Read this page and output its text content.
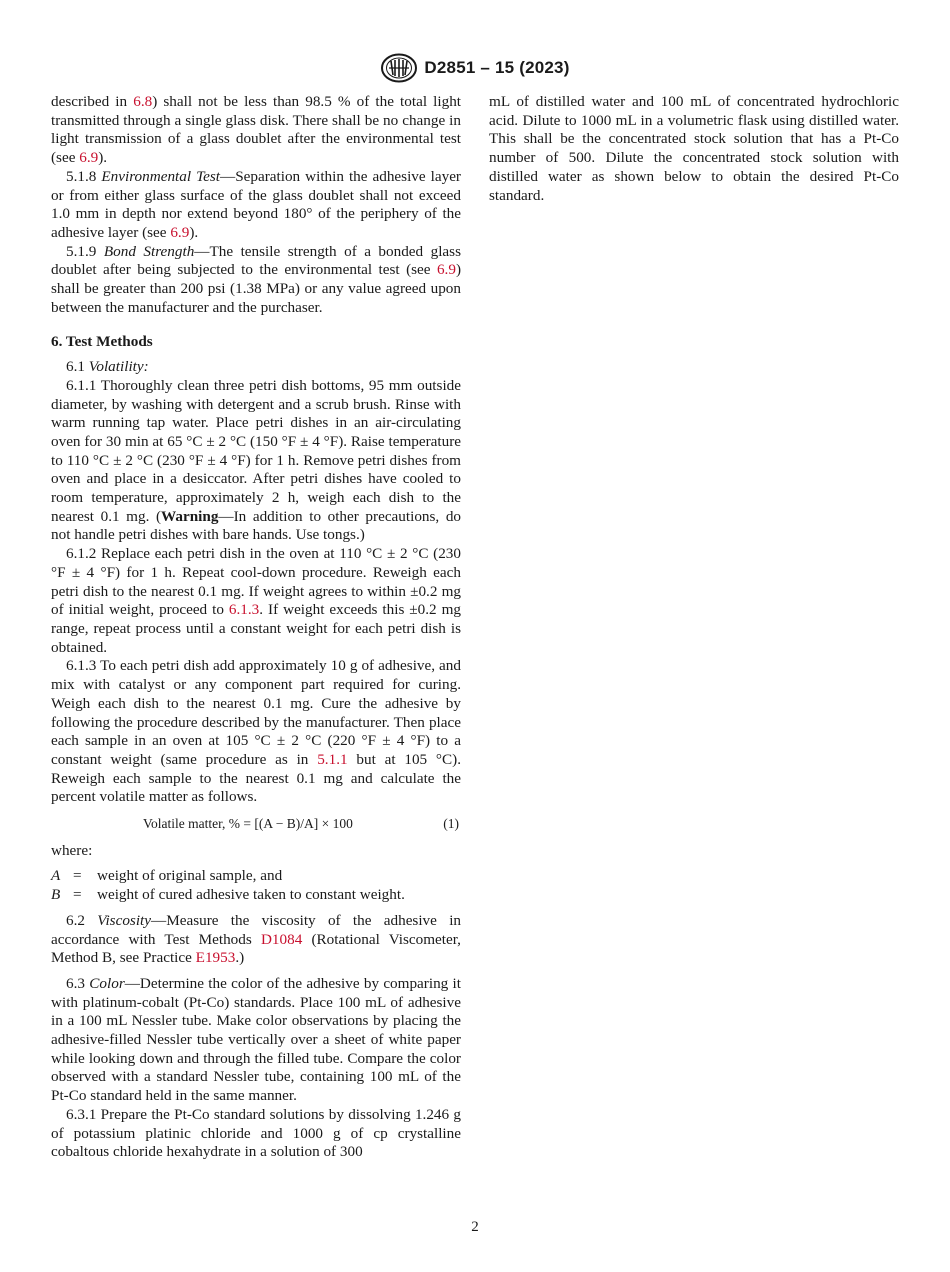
D2851 – 15 (2023)

described in 6.8) shall not be less than 98.5 % of the total light transmitted through a single glass disk. There shall be no change in light transmission of a glass doublet after the environmental test (see 6.9).

5.1.8 Environmental Test—Separation within the adhesive layer or from either glass surface of the glass doublet shall not exceed 1.0 mm in depth nor extend beyond 180° of the periphery of the adhesive layer (see 6.9).

5.1.9 Bond Strength—The tensile strength of a bonded glass doublet after being subjected to the environmental test (see 6.9) shall be greater than 200 psi (1.38 MPa) or any value agreed upon between the manufacturer and the purchaser.

6. Test Methods

6.1 Volatility:

6.1.1 Thoroughly clean three petri dish bottoms, 95 mm outside diameter, by washing with detergent and a scrub brush. Rinse with warm running tap water. Place petri dishes in an air-circulating oven for 30 min at 65 °C ± 2 °C (150 °F ± 4 °F). Raise temperature to 110 °C ± 2 °C (230 °F ± 4 °F) for 1 h. Remove petri dishes from oven and place in a desiccator. After petri dishes have cooled to room temperature, approximately 2 h, weigh each dish to the nearest 0.1 mg. (Warning—In addition to other precautions, do not handle petri dishes with bare hands. Use tongs.)

6.1.2 Replace each petri dish in the oven at 110 °C ± 2 °C (230 °F ± 4 °F) for 1 h. Repeat cool-down procedure. Reweigh each petri dish to the nearest 0.1 mg. If weight agrees to within ±0.2 mg of initial weight, proceed to 6.1.3. If weight exceeds this ±0.2 mg range, repeat process until a constant weight for each petri dish is obtained.

6.1.3 To each petri dish add approximately 10 g of adhesive, and mix with catalyst or any component part required for curing. Weigh each dish to the nearest 0.1 mg. Cure the adhesive by following the procedure described by the manufacturer. Then place each sample in an oven at 105 °C ± 2 °C (220 °F ± 4 °F) to a constant weight (same procedure as in 5.1.1 but at 105 °C). Reweigh each sample to the nearest 0.1 mg and calculate the percent volatile matter as follows.

Volatile matter, % = [(A − B)/A] × 100	(1)

where:

A =	weight of original sample, and
B =	weight of cured adhesive taken to constant weight.

6.2 Viscosity—Measure the viscosity of the adhesive in accordance with Test Methods D1084 (Rotational Viscometer, Method B, see Practice E1953.)

6.3 Color—Determine the color of the adhesive by comparing it with platinum-cobalt (Pt-Co) standards. Place 100 mL of adhesive in a 100 mL Nessler tube. Make color observations by placing the adhesive-filled Nessler tube vertically over a sheet of white paper while looking down and through the filled tube. Compare the color observed with a standard Nessler tube, containing 100 mL of the Pt-Co standard held in the same manner.

6.3.1 Prepare the Pt-Co standard solutions by dissolving 1.246 g of potassium platinic chloride and 1000 g of cp crystalline cobaltous chloride hexahydrate in a solution of 300

mL of distilled water and 100 mL of concentrated hydrochloric acid. Dilute to 1000 mL in a volumetric flask using distilled water. This shall be the concentrated stock solution that has a Pt-Co number of 500. Dilute the concentrated stock solution with distilled water as shown below to obtain the desired Pt-Co standard.

2
